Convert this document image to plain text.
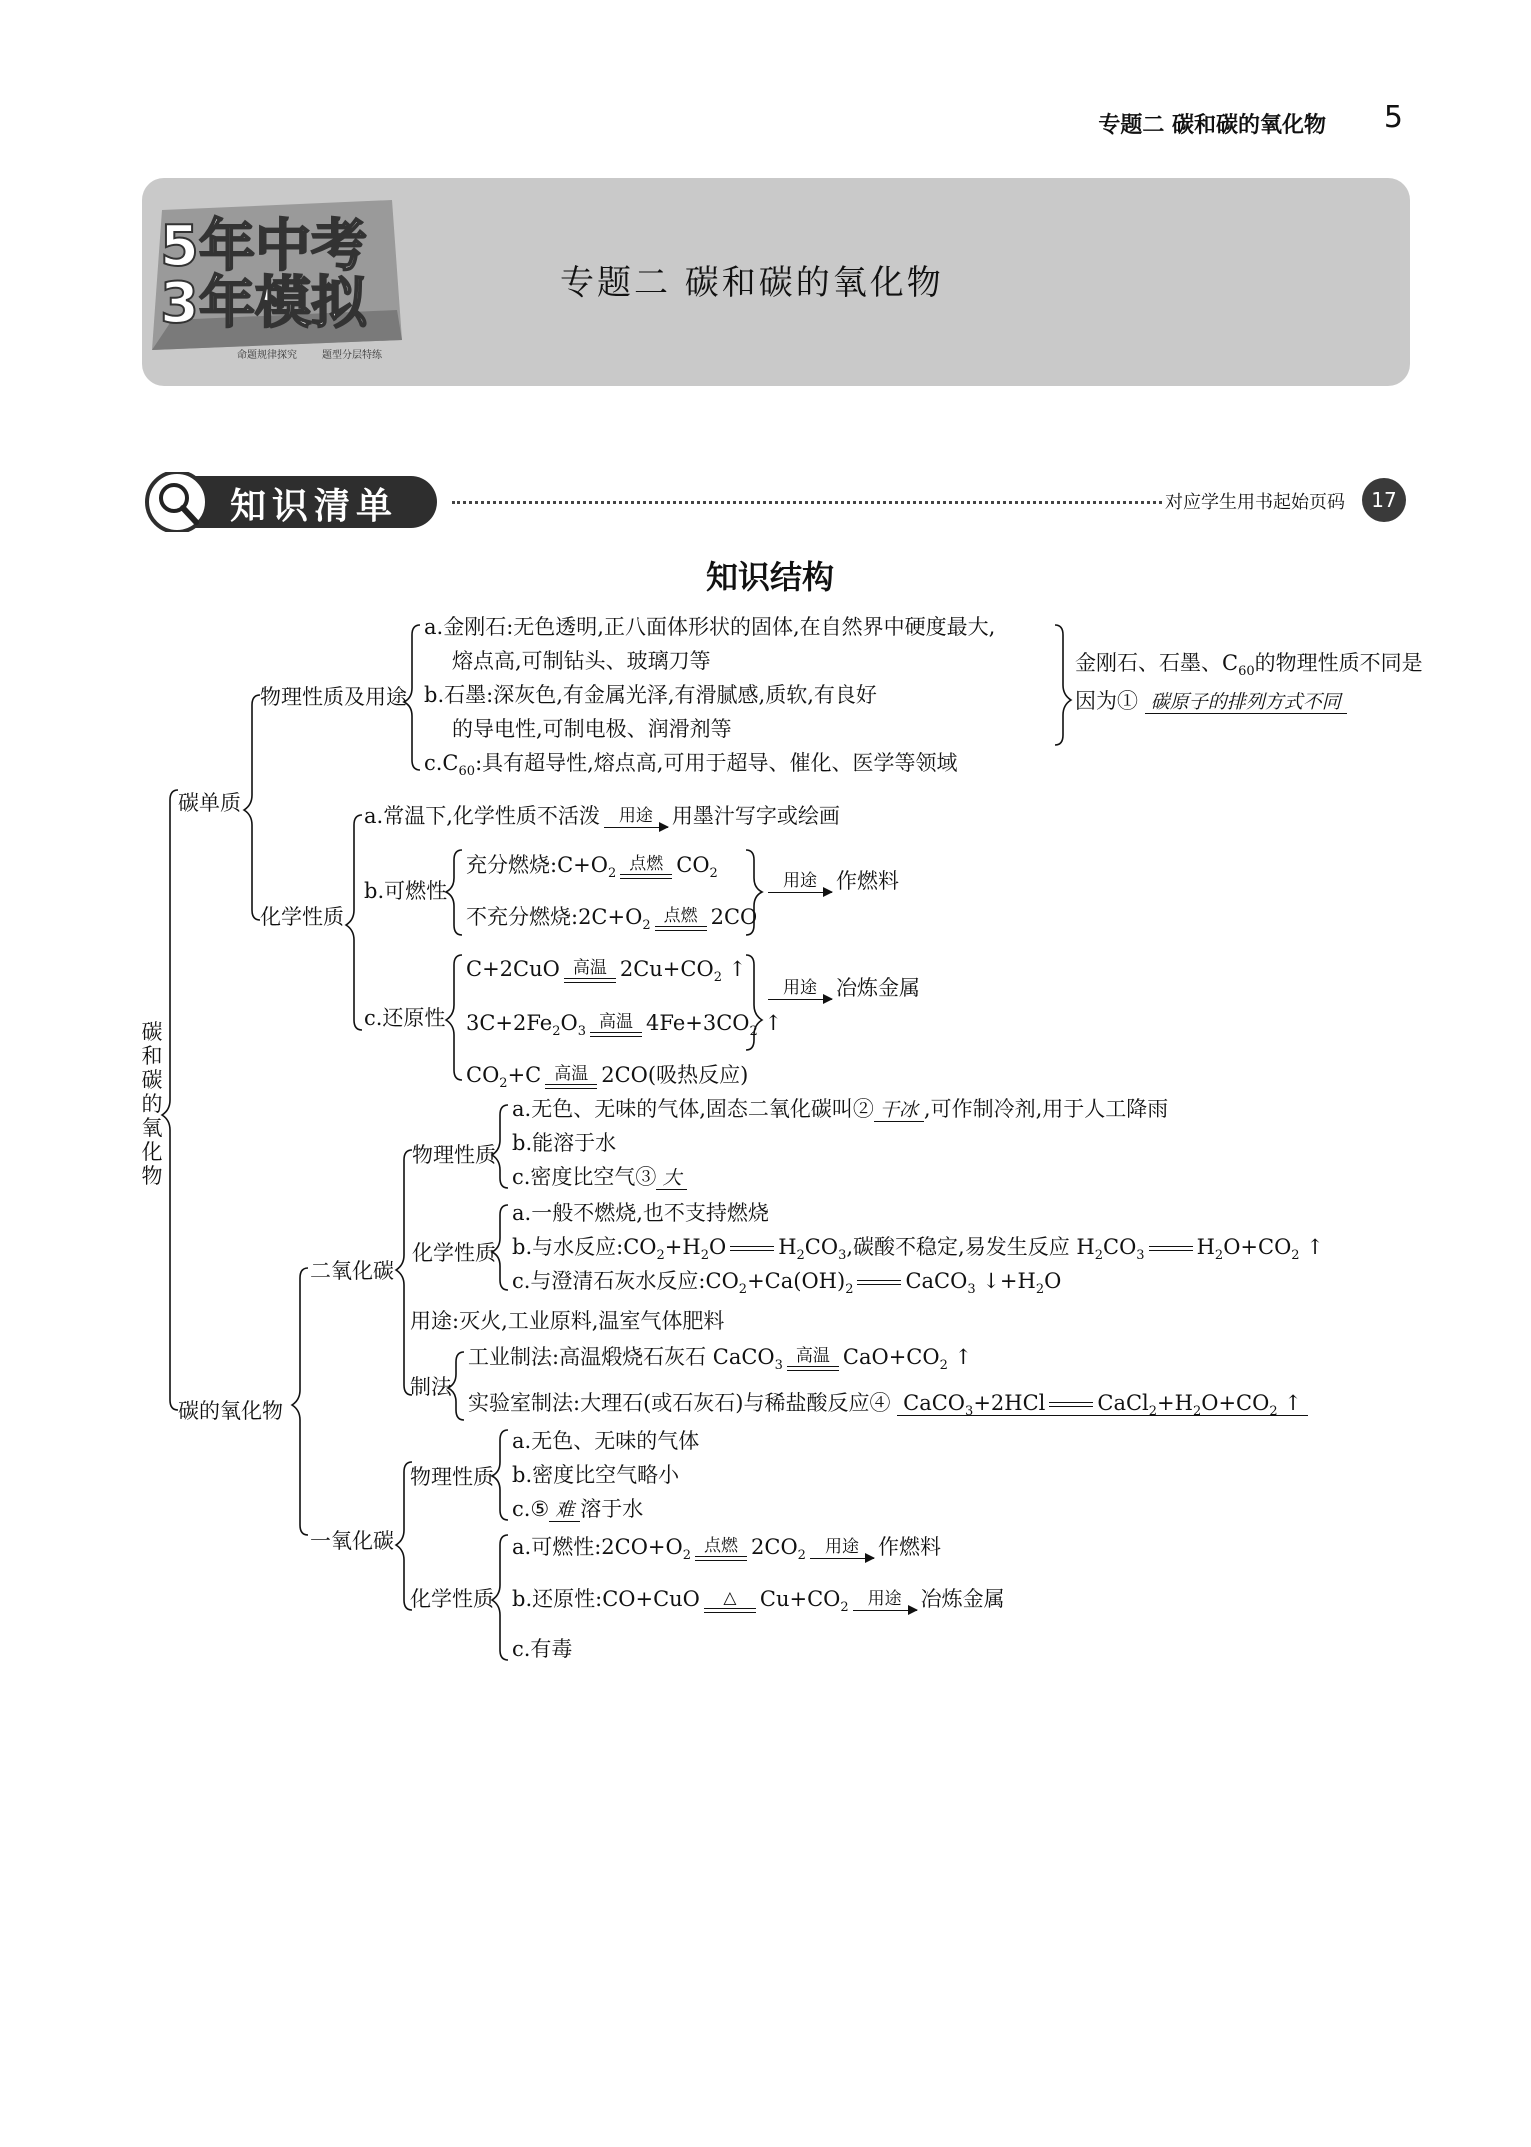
专题二 碳和碳的氧化物 5
5年中考
3年模拟
命题规律探究	题型分层特练
专题二 碳和碳的氧化物
知识清单	对应学生用书起始页码	17
知识结构
碳和碳的氧化物
碳单质
物理性质及用途
a.金刚石:无色透明,正八面体形状的固体,在自然界中硬度最大,
熔点高,可制钻头、玻璃刀等
b.石墨:深灰色,有金属光泽,有滑腻感,质软,有良好
的导电性,可制电极、润滑剂等
$c.C_{60}$:具有超导性,熔点高,可用于超导、催化、医学等领域
金刚石、石墨、$C_{60}$的物理性质不同是
因为① 碳原子的排列方式不同
化学性质
a.常温下,化学性质不活泼	用途 用墨汁写字或绘画
b.可燃性
充分燃烧$:C+O_2$
点燃 $CO_2$
不充分燃烧$:2C+O_2$
点燃 2CO
用途 作燃料
c.还原性
C+2CuO 高温 $2Cu+CO_2$ ↑
$3C+2Fe_2O_3$
高温 $4Fe+3CO_2$ ↑
$CO_2+C$ 高温 2CO(吸热反应)
用途 冶炼金属
碳的氧化物
二氧化碳
物理性质
a.无色、无味的气体,固态二氧化碳叫② 干冰 ,可作制冷剂,用于人工降雨
b.能溶于水
c.密度比空气③ 大
化学性质
a.一般不燃烧,也不支持燃烧
b.与水反应$:CO_2+H_2O$ $H_2CO_3$,碳酸不稳定,易发生反应 $H_2CO_3$ $H_2O+CO_2$ ↑
c.与澄清石灰水反应$:CO_2+Ca(OH)_2$ CaCO$_3$ $↓+H_2O$
用途:灭火,工业原料,温室气体肥料
制法
工业制法:高温煅烧石灰石 CaCO$_3$
高温 $CaO+CO_2$ ↑
实验室制法:大理石(或石灰石)与稀盐酸反应④ CaCO$_3$+2HCl $CaCl_2+H_2O+CO_2$ ↑
一氧化碳
物理性质
a.无色、无味的气体
b.密度比空气略小
c.⑤ 难 溶于水
化学性质
a.可燃性$:2CO+O_2$
点燃 $2CO_2$	用途 作燃料
b.还原性:CO+CuO	△	$Cu+CO_2$	用途 冶炼金属
c.有毒
